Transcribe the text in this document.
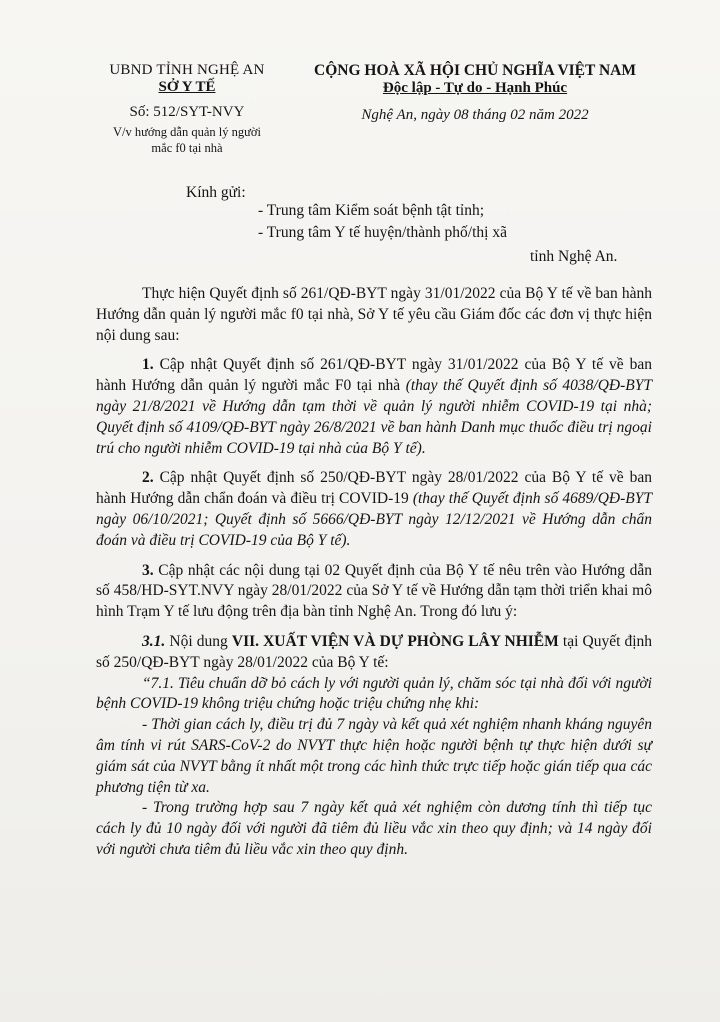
UBND TỈNH NGHỆ AN
SỞ Y TẾ
Số: 512/SYT-NVY
V/v hướng dẫn quản lý người
mắc f0 tại nhà
CỘNG HOÀ XÃ HỘI CHỦ NGHĨA VIỆT NAM
Độc lập - Tự do - Hạnh Phúc
Nghệ An, ngày 08 tháng 02 năm 2022
Kính gửi:
- Trung tâm Kiểm soát bệnh tật tỉnh;
- Trung tâm Y tế huyện/thành phố/thị xã
tỉnh Nghệ An.

Thực hiện Quyết định số 261/QĐ-BYT ngày 31/01/2022 của Bộ Y tế về ban hành Hướng dẫn quản lý người mắc f0 tại nhà, Sở Y tế yêu cầu Giám đốc các đơn vị thực hiện nội dung sau:

1. Cập nhật Quyết định số 261/QĐ-BYT ngày 31/01/2022 của Bộ Y tế về ban hành Hướng dẫn quản lý người mắc F0 tại nhà (thay thế Quyết định số 4038/QĐ-BYT ngày 21/8/2021 về Hướng dẫn tạm thời về quản lý người nhiễm COVID-19 tại nhà; Quyết định số 4109/QĐ-BYT ngày 26/8/2021 về ban hành Danh mục thuốc điều trị ngoại trú cho người nhiễm COVID-19 tại nhà của Bộ Y tế).

2. Cập nhật Quyết định số 250/QĐ-BYT ngày 28/01/2022 của Bộ Y tế về ban hành Hướng dẫn chẩn đoán và điều trị COVID-19 (thay thế Quyết định số 4689/QĐ-BYT ngày 06/10/2021; Quyết định số 5666/QĐ-BYT ngày 12/12/2021 về Hướng dẫn chẩn đoán và điều trị COVID-19 của Bộ Y tế).

3. Cập nhật các nội dung tại 02 Quyết định của Bộ Y tế nêu trên vào Hướng dẫn số 458/HD-SYT.NVY ngày 28/01/2022 của Sở Y tế về Hướng dẫn tạm thời triển khai mô hình Trạm Y tế lưu động trên địa bàn tỉnh Nghệ An. Trong đó lưu ý:

3.1. Nội dung VII. XUẤT VIỆN VÀ DỰ PHÒNG LÂY NHIỄM tại Quyết định số 250/QĐ-BYT ngày 28/01/2022 của Bộ Y tế:

“7.1. Tiêu chuẩn dỡ bỏ cách ly với người quản lý, chăm sóc tại nhà đối với người bệnh COVID-19 không triệu chứng hoặc triệu chứng nhẹ khi:

- Thời gian cách ly, điều trị đủ 7 ngày và kết quả xét nghiệm nhanh kháng nguyên âm tính vi rút SARS-CoV-2 do NVYT thực hiện hoặc người bệnh tự thực hiện dưới sự giám sát của NVYT bằng ít nhất một trong các hình thức trực tiếp hoặc gián tiếp qua các phương tiện từ xa.

- Trong trường hợp sau 7 ngày kết quả xét nghiệm còn dương tính thì tiếp tục cách ly đủ 10 ngày đối với người đã tiêm đủ liều vắc xin theo quy định; và 14 ngày đối với người chưa tiêm đủ liều vắc xin theo quy định.
